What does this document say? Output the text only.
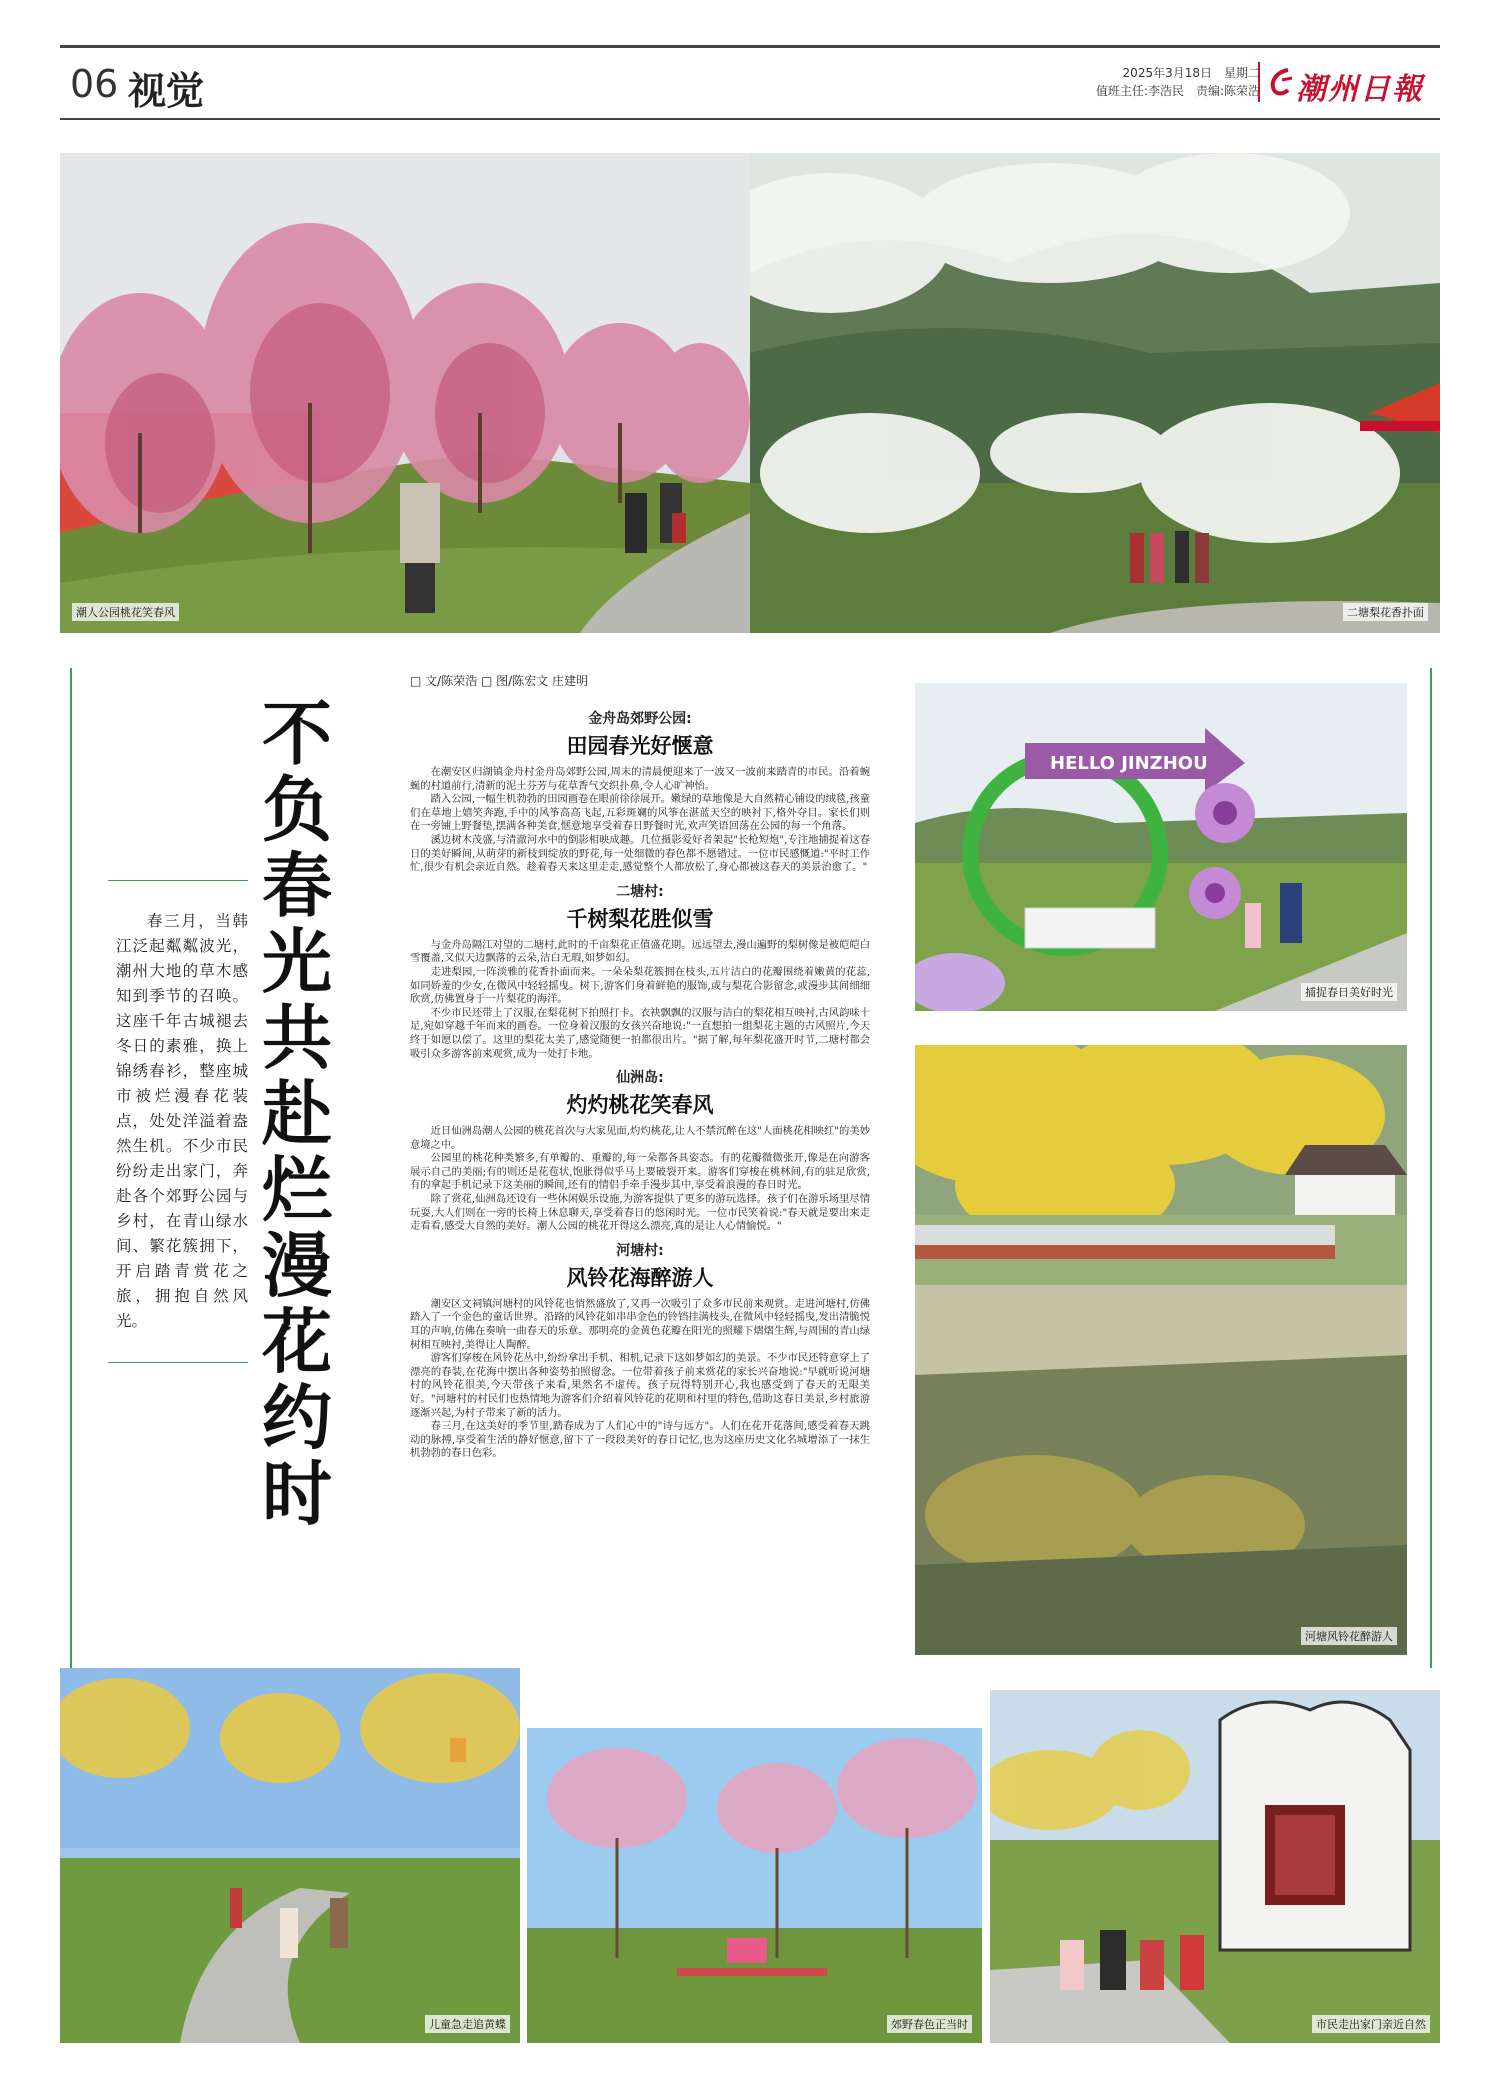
06 视觉	2025年3月18日　星期二
值班主任:李浩民　责编:陈荣浩 潮州日報
潮人公园桃花笑春风	二塘梨花香扑面
□ 文/陈荣浩 □ 图/陈宏文 庄建明
不负春光共赴烂漫花约时

春三月，当韩江泛起粼粼波光，潮州大地的草木感知到季节的召唤。这座千年古城褪去冬日的素雅，换上锦绣春衫，整座城市被烂漫春花装点，处处洋溢着盎然生机。不少市民纷纷走出家门，奔赴各个郊野公园与乡村，在青山绿水间、繁花簇拥下，开启踏青赏花之旅，拥抱自然风光。

金舟岛郊野公园:
田园春光好惬意

在潮安区归湖镇金舟村金舟岛郊野公园,周末的清晨便迎来了一波又一波前来踏青的市民。沿着蜿蜒的村道前行,清新的泥土芬芳与花草香气交织扑鼻,令人心旷神怡。

踏入公园,一幅生机勃勃的田园画卷在眼前徐徐展开。嫩绿的草地像是大自然精心铺设的绒毯,孩童们在草地上嬉笑奔跑,手中的风筝高高飞起,五彩斑斓的风筝在湛蓝天空的映衬下,格外夺目。家长们则在一旁铺上野餐垫,摆满各种美食,惬意地享受着春日野餐时光,欢声笑语回荡在公园的每一个角落。

溪边树木茂盛,与清澈河水中的倒影相映成趣。几位摄影爱好者架起"长枪短炮",专注地捕捉着这春日的美好瞬间,从萌芽的新枝到绽放的野花,每一处细微的春色都不愿错过。一位市民感慨道:"平时工作忙,很少有机会亲近自然。趁着春天来这里走走,感觉整个人都放松了,身心都被这春天的美景治愈了。"

二塘村:
千树梨花胜似雪

与金舟岛隔江对望的二塘村,此时的千亩梨花正值盛花期。远远望去,漫山遍野的梨树像是被皑皑白雪覆盖,又似天边飘落的云朵,洁白无瑕,如梦如幻。

走进梨园,一阵淡雅的花香扑面而来。一朵朵梨花簇拥在枝头,五片洁白的花瓣围绕着嫩黄的花蕊,如同娇羞的少女,在微风中轻轻摇曳。树下,游客们身着鲜艳的服饰,或与梨花合影留念,或漫步其间细细欣赏,仿佛置身于一片梨花的海洋。

不少市民还带上了汉服,在梨花树下拍照打卡。衣袂飘飘的汉服与洁白的梨花相互映衬,古风韵味十足,宛如穿越千年而来的画卷。一位身着汉服的女孩兴奋地说:"一直想拍一组梨花主题的古风照片,今天终于如愿以偿了。这里的梨花太美了,感觉随便一拍都很出片。"据了解,每年梨花盛开时节,二塘村都会吸引众多游客前来观赏,成为一处打卡地。

仙洲岛:
灼灼桃花笑春风

近日仙洲岛潮人公园的桃花首次与大家见面,灼灼桃花,让人不禁沉醉在这"人面桃花相映红"的美妙意境之中。

公园里的桃花种类繁多,有单瓣的、重瓣的,每一朵都各具姿态。有的花瓣微微张开,像是在向游客展示自己的美丽;有的则还是花苞状,饱胀得似乎马上要破裂开来。游客们穿梭在桃林间,有的驻足欣赏,有的拿起手机记录下这美丽的瞬间,还有的情侣手牵手漫步其中,享受着浪漫的春日时光。

除了赏花,仙洲岛还设有一些休闲娱乐设施,为游客提供了更多的游玩选择。孩子们在游乐场里尽情玩耍,大人们则在一旁的长椅上休息聊天,享受着春日的悠闲时光。一位市民笑着说:"春天就是要出来走走看看,感受大自然的美好。潮人公园的桃花开得这么漂亮,真的是让人心情愉悦。"

河塘村:
风铃花海醉游人

潮安区文祠镇河塘村的风铃花也悄然盛放了,又再一次吸引了众多市民前来观赏。走进河塘村,仿佛踏入了一个金色的童话世界。沿路的风铃花如串串金色的铃铛挂满枝头,在微风中轻轻摇曳,发出清脆悦耳的声响,仿佛在奏响一曲春天的乐章。那明亮的金黄色花瓣在阳光的照耀下熠熠生辉,与周围的青山绿树相互映衬,美得让人陶醉。

游客们穿梭在风铃花丛中,纷纷拿出手机、相机,记录下这如梦如幻的美景。不少市民还特意穿上了漂亮的春装,在花海中摆出各种姿势拍照留念。一位带着孩子前来赏花的家长兴奋地说:"早就听说河塘村的风铃花很美,今天带孩子来看,果然名不虚传。孩子玩得特别开心,我也感受到了春天的无限美好。"河塘村的村民们也热情地为游客们介绍着风铃花的花期和村里的特色,借助这春日美景,乡村旅游逐渐兴起,为村子带来了新的活力。

春三月,在这美好的季节里,踏春成为了人们心中的"诗与远方"。人们在花开花落间,感受着春天跳动的脉搏,享受着生活的静好惬意,留下了一段段美好的春日记忆,也为这座历史文化名城增添了一抹生机勃勃的春日色彩。

HELLO JINZHOU
捕捉春日美好时光
河塘风铃花醉游人
儿童急走追黄蝶	郊野春色正当时	市民走出家门亲近自然
